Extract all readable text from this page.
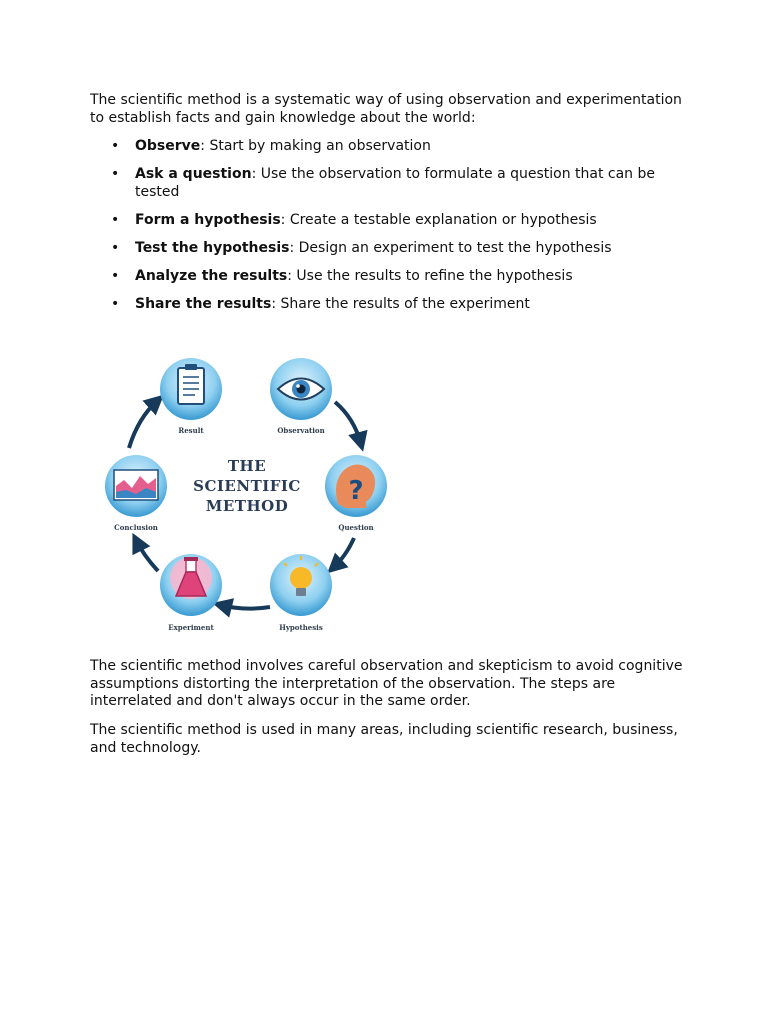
The scientific method is a systematic way of using observation and experimentation to establish facts and gain knowledge about the world:

• Observe: Start by making an observation
• Ask a question: Use the observation to formulate a question that can be tested
• Form a hypothesis: Create a testable explanation or hypothesis
• Test the hypothesis: Design an experiment to test the hypothesis
• Analyze the results: Use the results to refine the hypothesis
• Share the results: Share the results of the experiment
THE
SCIENTIFIC
METHOD
Result	Observation
?
Question
Hypothesis
Experiment
Conclusion

The scientific method involves careful observation and skepticism to avoid cognitive assumptions distorting the interpretation of the observation. The steps are interrelated and don't always occur in the same order.

The scientific method is used in many areas, including scientific research, business, and technology.
